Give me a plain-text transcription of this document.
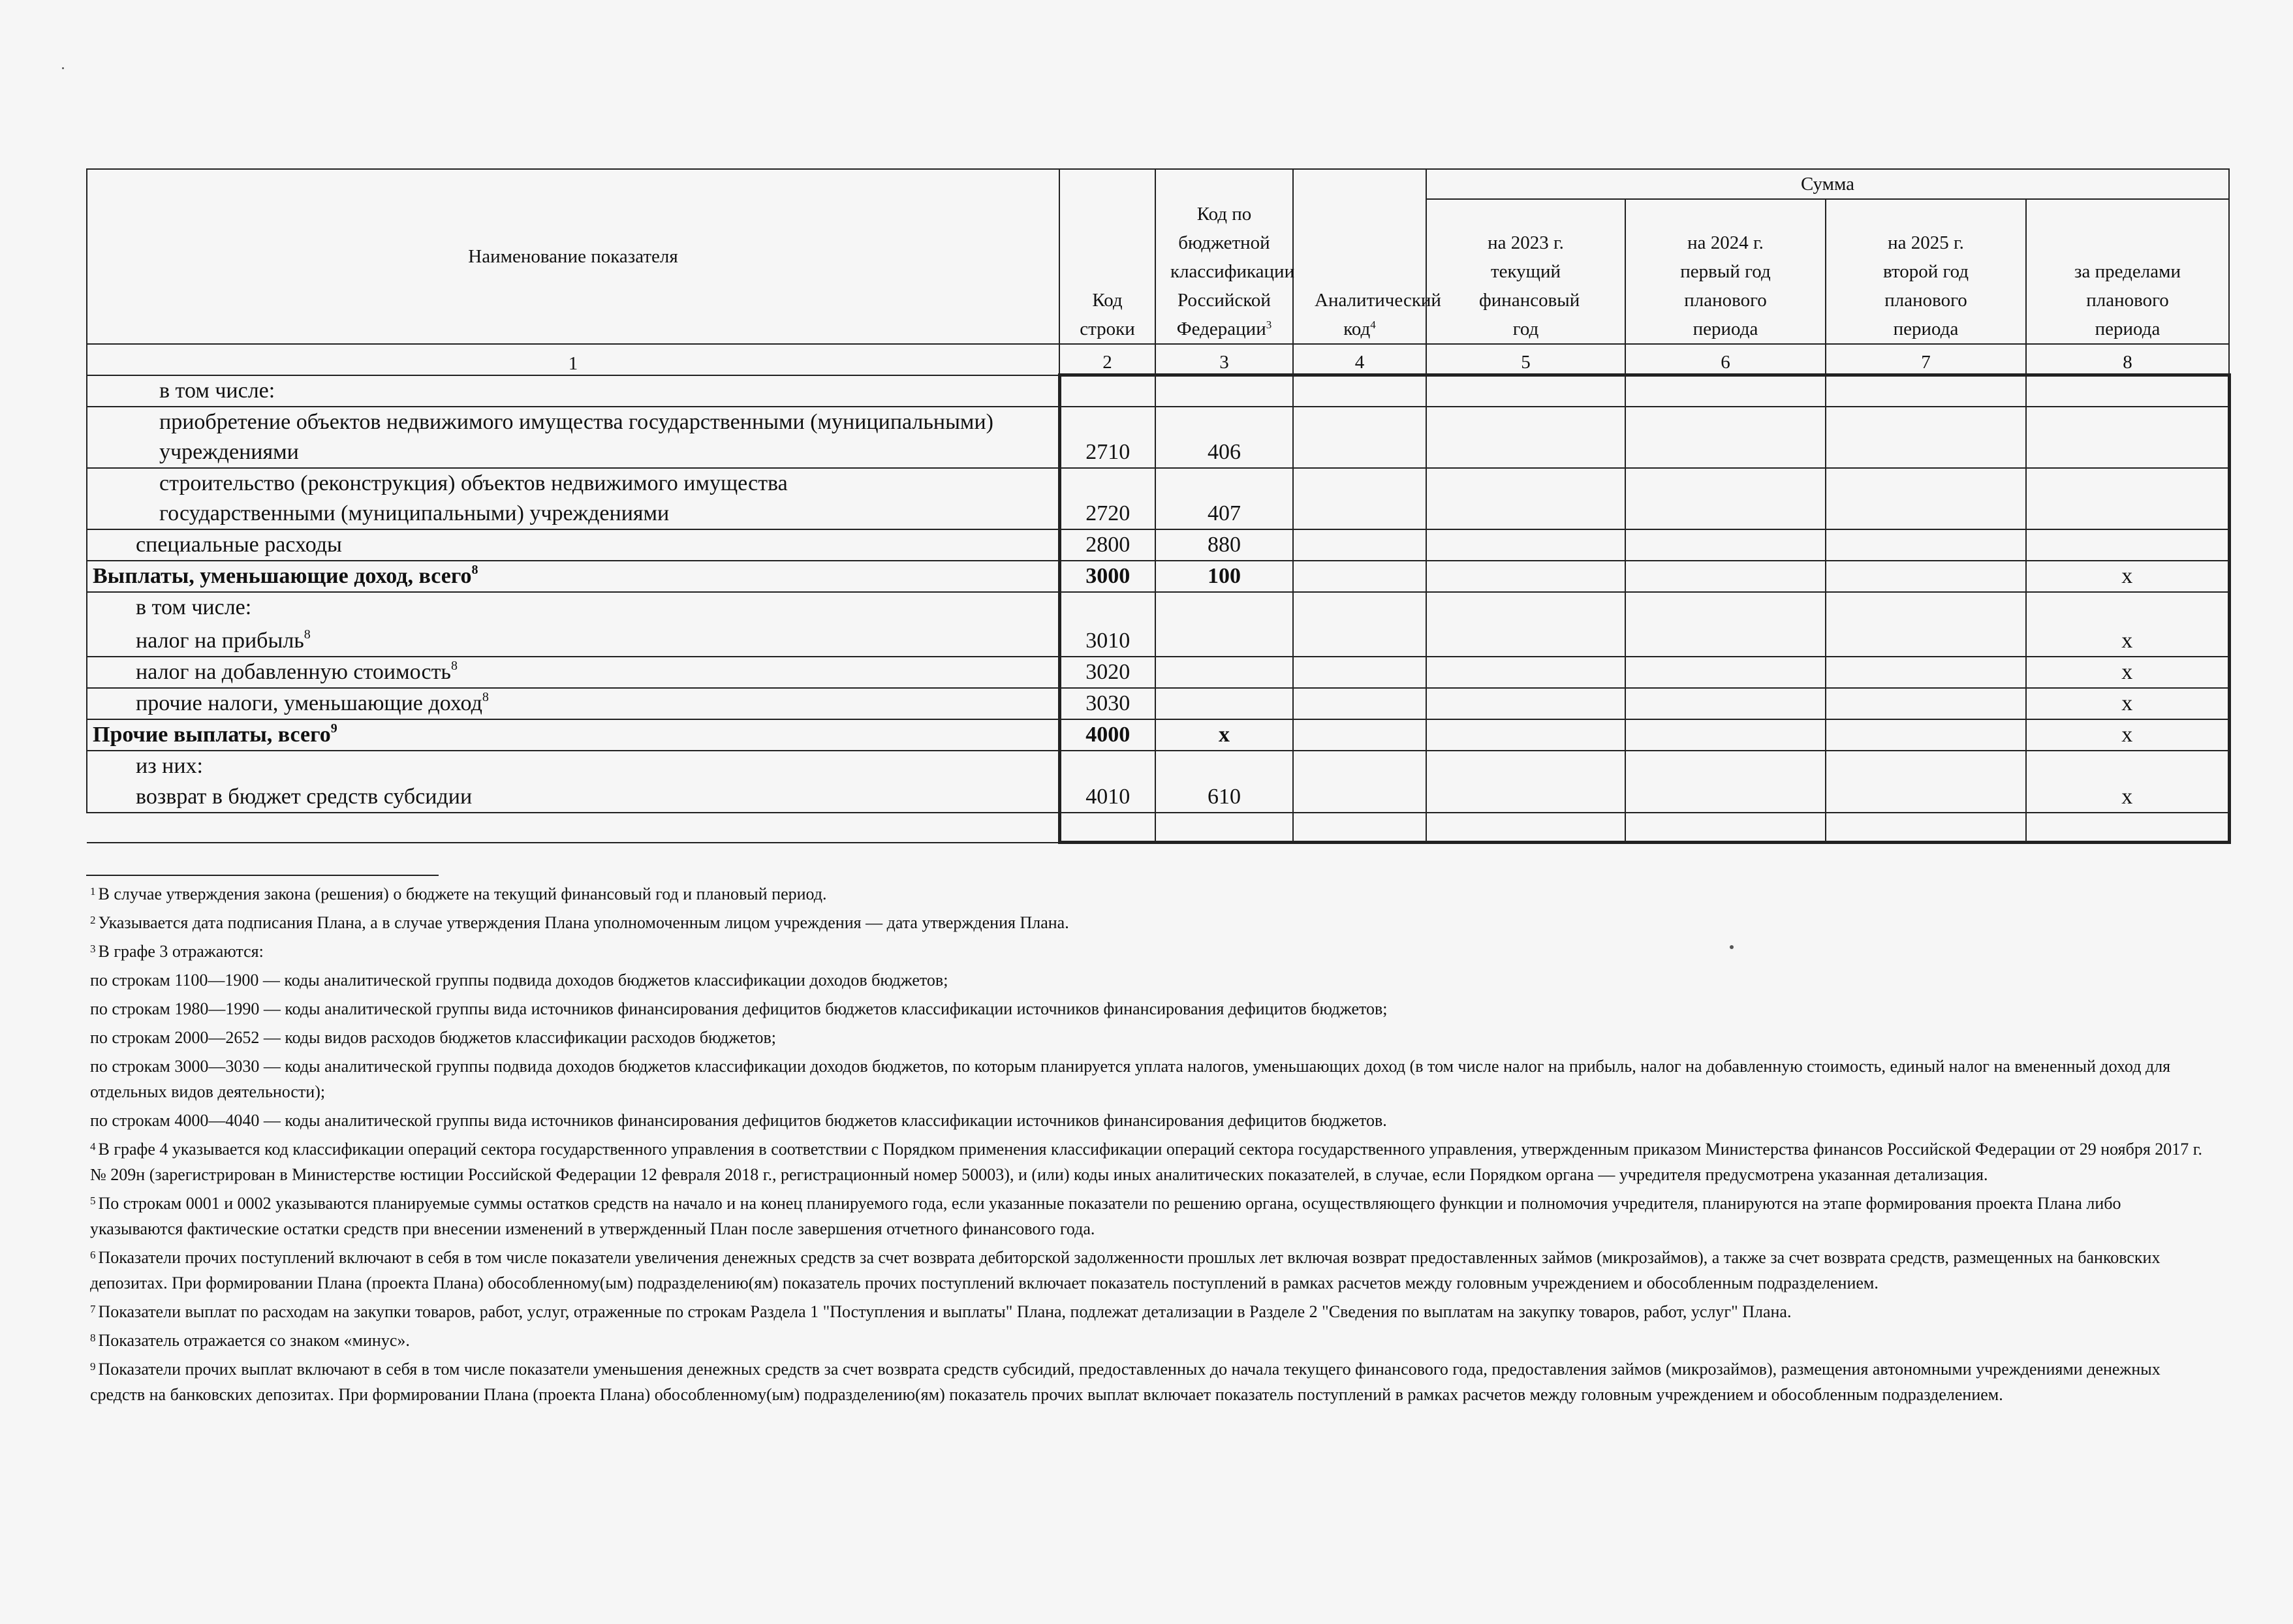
Наименование показателя	Код строки	Код по бюджетной классификации Российской Федерации$^3$	Аналитический код$^4$	Сумма			

				на 2023 г. текущий финансовый год	на 2024 г. первый год планового периода	на 2025 г. второй год планового периода	за пределами планового периода

1	2	3	4	5	6	7	8
в том числе:							
приобретение объектов недвижимого имущества государственными (муниципальными) учреждениями	2710	406					
строительство (реконструкция) объектов недвижимого имущества государственными (муниципальными) учреждениями	2720	407					
специальные расходы	2800	880					
Выплаты, уменьшающие доход, всего$^8$	3000	100					х
в том числе:							
налог на прибыль$^8$	3010						х
налог на добавленную стоимость$^8$	3020						х
прочие налоги, уменьшающие доход$^8$	3030						х
Прочие выплаты, всего$^9$	4000	х					х
из них:							
возврат в бюджет средств субсидии	4010	610					х

$^1$ В случае утверждения закона (решения) о бюджете на текущий финансовый год и плановый период.

$^2$ Указывается дата подписания Плана, а в случае утверждения Плана уполномоченным лицом учреждения — дата утверждения Плана.

$^3$ В графе 3 отражаются:

по строкам 1100—1900 — коды аналитической группы подвида доходов бюджетов классификации доходов бюджетов;

по строкам 1980—1990 — коды аналитической группы вида источников финансирования дефицитов бюджетов классификации источников финансирования дефицитов бюджетов;

по строкам 2000—2652 — коды видов расходов бюджетов классификации расходов бюджетов;

по строкам 3000—3030 — коды аналитической группы подвида доходов бюджетов классификации доходов бюджетов, по которым планируется уплата налогов, уменьшающих доход (в том числе налог на прибыль, налог на добавленную стоимость, единый налог на вмененный доход для отдельных видов деятельности);

по строкам 4000—4040 — коды аналитической группы вида источников финансирования дефицитов бюджетов классификации источников финансирования дефицитов бюджетов.

$^4$ В графе 4 указывается код классификации операций сектора государственного управления в соответствии с Порядком применения классификации операций сектора государственного управления, утвержденным приказом Министерства финансов Российской Федерации от 29 ноября 2017 г. № 209н (зарегистрирован в Министерстве юстиции Российской Федерации 12 февраля 2018 г., регистрационный номер 50003), и (или) коды иных аналитических показателей, в случае, если Порядком органа — учредителя предусмотрена указанная детализация.

$^5$ По строкам 0001 и 0002 указываются планируемые суммы остатков средств на начало и на конец планируемого года, если указанные показатели по решению органа, осуществляющего функции и полномочия учредителя, планируются на этапе формирования проекта Плана либо указываются фактические остатки средств при внесении изменений в утвержденный План после завершения отчетного финансового года.

$^6$ Показатели прочих поступлений включают в себя в том числе показатели увеличения денежных средств за счет возврата дебиторской задолженности прошлых лет включая возврат предоставленных займов (микрозаймов), а также за счет возврата средств, размещенных на банковских депозитах. При формировании Плана (проекта Плана) обособленному(ым) подразделению(ям) показатель прочих поступлений включает показатель поступлений в рамках расчетов между головным учреждением и обособленным подразделением.

$^7$ Показатели выплат по расходам на закупки товаров, работ, услуг, отраженные по строкам Раздела 1 "Поступления и выплаты" Плана, подлежат детализации в Разделе 2 "Сведения по выплатам на закупку товаров, работ, услуг" Плана.

$^8$ Показатель отражается со знаком «минус».

$^9$ Показатели прочих выплат включают в себя в том числе показатели уменьшения денежных средств за счет возврата средств субсидий, предоставленных до начала текущего финансового года, предоставления займов (микрозаймов), размещения автономными учреждениями денежных средств на банковских депозитах. При формировании Плана (проекта Плана) обособленному(ым) подразделению(ям) показатель прочих выплат включает показатель поступлений в рамках расчетов между головным учреждением и обособленным подразделением.
